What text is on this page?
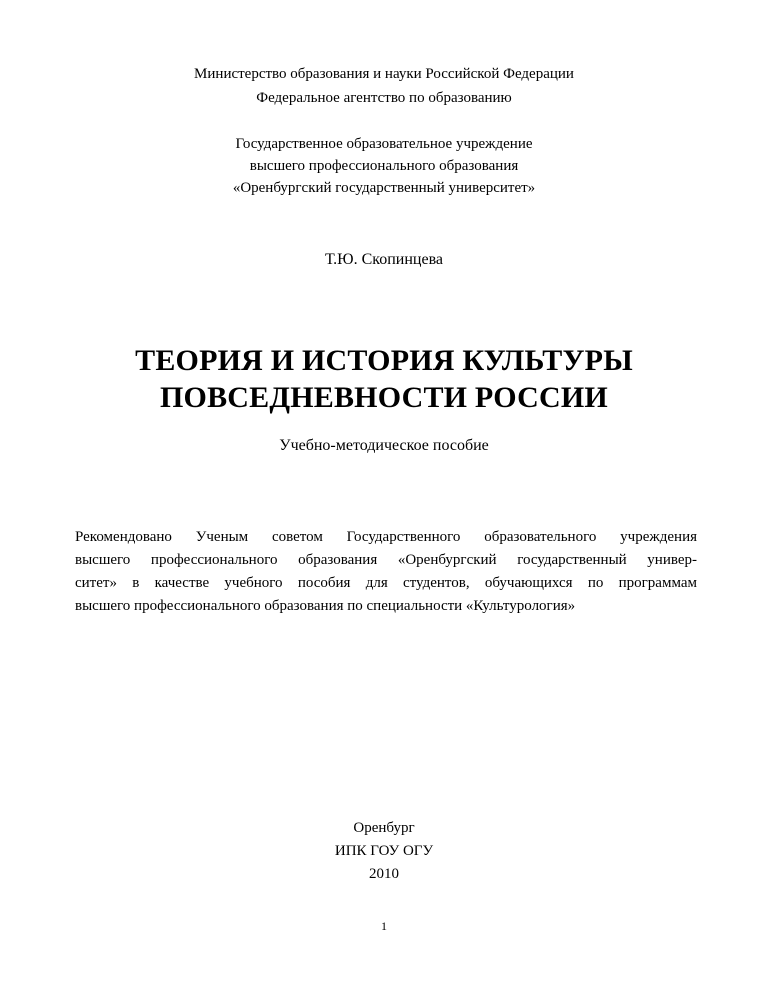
Министерство образования и науки Российской Федерации
Федеральное агентство по образованию
Государственное образовательное учреждение
высшего профессионального образования
«Оренбургский государственный университет»
Т.Ю. Скопинцева
ТЕОРИЯ И ИСТОРИЯ КУЛЬТУРЫ
ПОВСЕДНЕВНОСТИ РОССИИ
Учебно-методическое пособие

Рекомендовано Ученым советом Государственного образовательного учреждения

высшего профессионального образования «Оренбургский государственный универ-

ситет» в качестве учебного пособия для студентов, обучающихся по программам

высшего профессионального образования по специальности «Культурология»

Оренбург
ИПК ГОУ ОГУ
2010
1
